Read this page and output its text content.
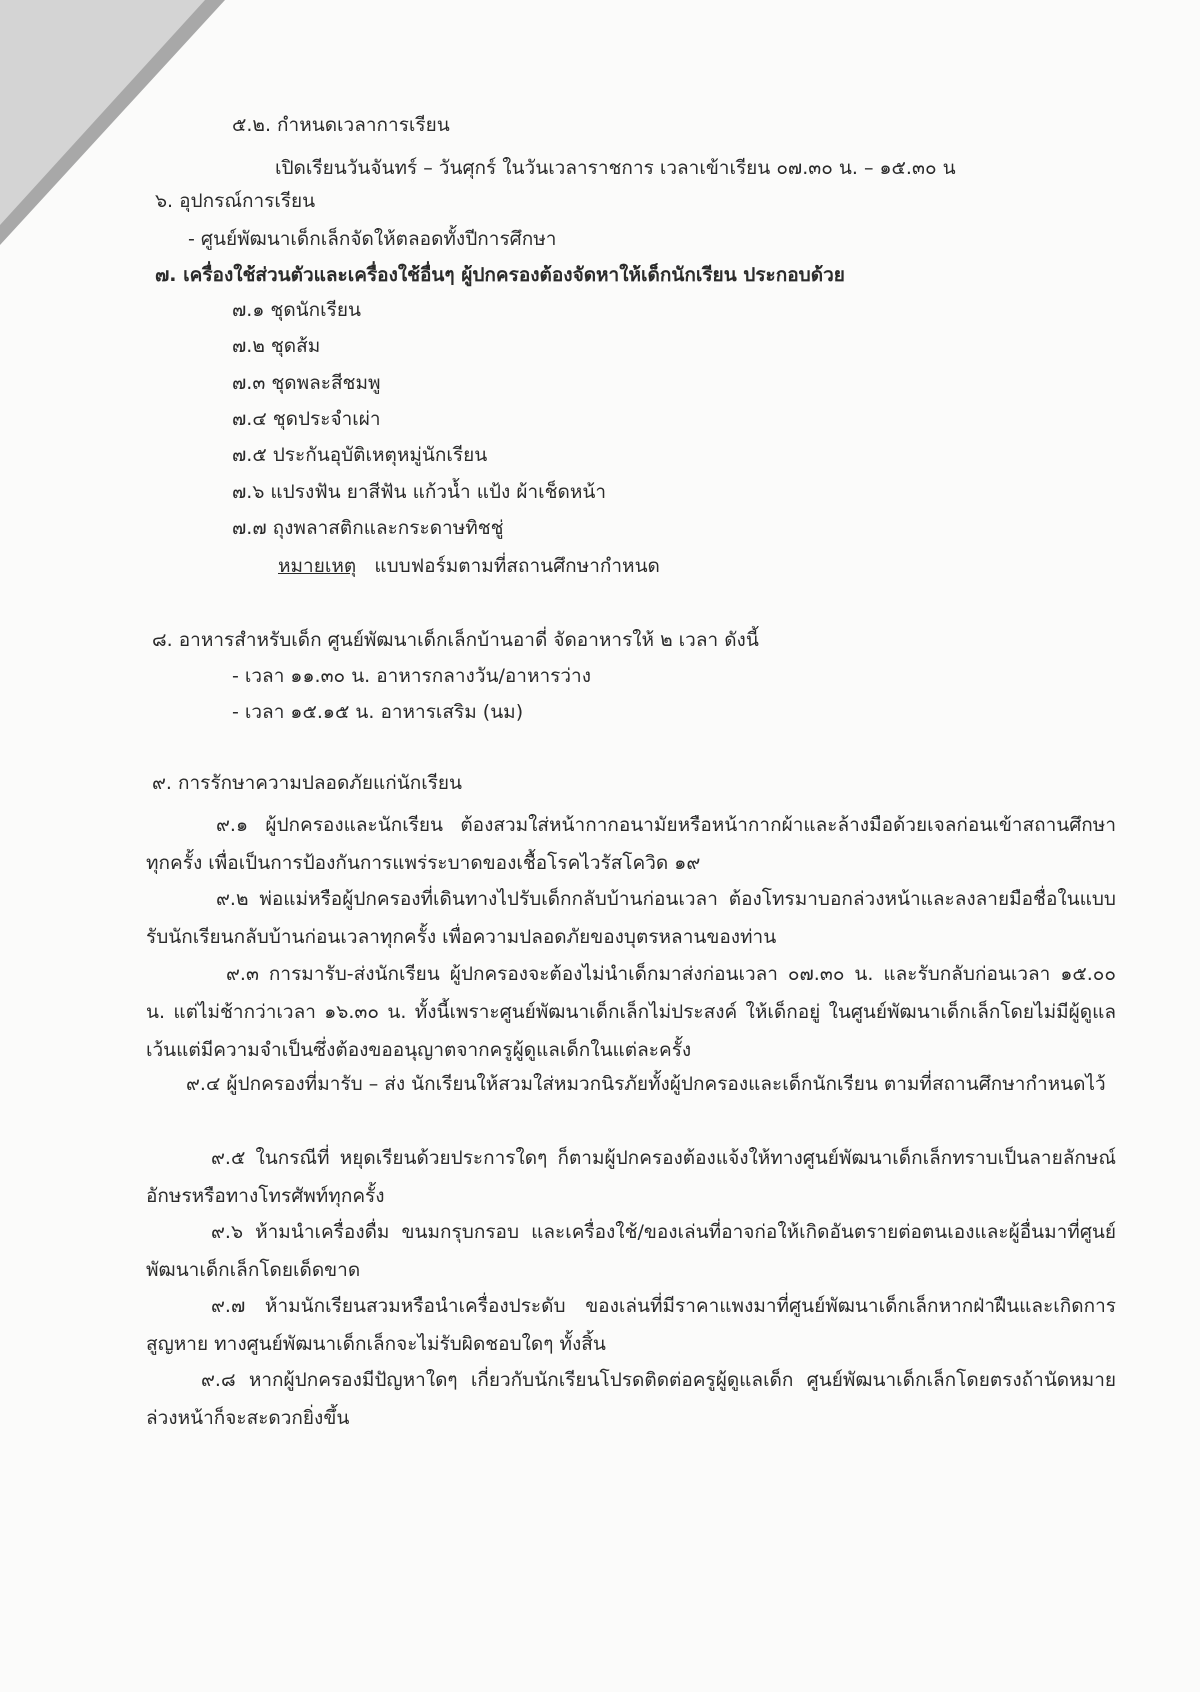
๕.๒. กำหนดเวลาการเรียน
เปิดเรียนวันจันทร์ – วันศุกร์ ในวันเวลาราชการ เวลาเข้าเรียน ๐๗.๓๐ น. – ๑๕.๓๐ น
๖. อุปกรณ์การเรียน
- ศูนย์พัฒนาเด็กเล็กจัดให้ตลอดทั้งปีการศึกษา
๗. เครื่องใช้ส่วนตัวและเครื่องใช้อื่นๆ ผู้ปกครองต้องจัดหาให้เด็กนักเรียน ประกอบด้วย
๗.๑ ชุดนักเรียน
๗.๒ ชุดส้ม
๗.๓ ชุดพละสีชมพู
๗.๔ ชุดประจำเผ่า
๗.๕ ประกันอุบัติเหตุหมู่นักเรียน
๗.๖ แปรงฟัน ยาสีฟัน แก้วน้ำ แป้ง ผ้าเช็ดหน้า
๗.๗ ถุงพลาสติกและกระดาษทิชชู่
หมายเหตุ แบบฟอร์มตามที่สถานศึกษากำหนด
๘. อาหารสำหรับเด็ก ศูนย์พัฒนาเด็กเล็กบ้านอาดี่ จัดอาหารให้ ๒ เวลา ดังนี้
- เวลา ๑๑.๓๐ น. อาหารกลางวัน/อาหารว่าง
- เวลา ๑๕.๑๕ น. อาหารเสริม (นม)
๙. การรักษาความปลอดภัยแก่นักเรียน
๙.๑ ผู้ปกครองและนักเรียน ต้องสวมใส่หน้ากากอนามัยหรือหน้ากากผ้าและล้างมือด้วยเจลก่อนเข้าสถานศึกษาทุกครั้ง เพื่อเป็นการป้องกันการแพร่ระบาดของเชื้อโรคไวรัสโควิด ๑๙
๙.๒ พ่อแม่หรือผู้ปกครองที่เดินทางไปรับเด็กกลับบ้านก่อนเวลา ต้องโทรมาบอกล่วงหน้าและลงลายมือชื่อในแบบรับนักเรียนกลับบ้านก่อนเวลาทุกครั้ง เพื่อความปลอดภัยของบุตรหลานของท่าน
๙.๓ การมารับ-ส่งนักเรียน ผู้ปกครองจะต้องไม่นำเด็กมาส่งก่อนเวลา ๐๗.๓๐ น. และรับกลับก่อนเวลา ๑๕.๐๐ น. แต่ไม่ช้ากว่าเวลา ๑๖.๓๐ น. ทั้งนี้เพราะศูนย์พัฒนาเด็กเล็กไม่ประสงค์ ให้เด็กอยู่ ในศูนย์พัฒนาเด็กเล็กโดยไม่มีผู้ดูแลเว้นแต่มีความจำเป็นซึ่งต้องขออนุญาตจากครูผู้ดูแลเด็กในแต่ละครั้ง
๙.๔ ผู้ปกครองที่มารับ – ส่ง นักเรียนให้สวมใส่หมวกนิรภัยทั้งผู้ปกครองและเด็กนักเรียน ตามที่สถานศึกษากำหนดไว้
๙.๕ ในกรณีที่ หยุดเรียนด้วยประการใดๆ ก็ตามผู้ปกครองต้องแจ้งให้ทางศูนย์พัฒนาเด็กเล็กทราบเป็นลายลักษณ์อักษรหรือทางโทรศัพท์ทุกครั้ง
๙.๖ ห้ามนำเครื่องดื่ม ขนมกรุบกรอบ และเครื่องใช้/ของเล่นที่อาจก่อให้เกิดอันตรายต่อตนเองและผู้อื่นมาที่ศูนย์พัฒนาเด็กเล็กโดยเด็ดขาด
๙.๗ ห้ามนักเรียนสวมหรือนำเครื่องประดับ ของเล่นที่มีราคาแพงมาที่ศูนย์พัฒนาเด็กเล็กหากฝ่าฝืนและเกิดการสูญหาย ทางศูนย์พัฒนาเด็กเล็กจะไม่รับผิดชอบใดๆ ทั้งสิ้น
๙.๘ หากผู้ปกครองมีปัญหาใดๆ เกี่ยวกับนักเรียนโปรดติดต่อครูผู้ดูแลเด็ก ศูนย์พัฒนาเด็กเล็กโดยตรงถ้านัดหมายล่วงหน้าก็จะสะดวกยิ่งขึ้น
